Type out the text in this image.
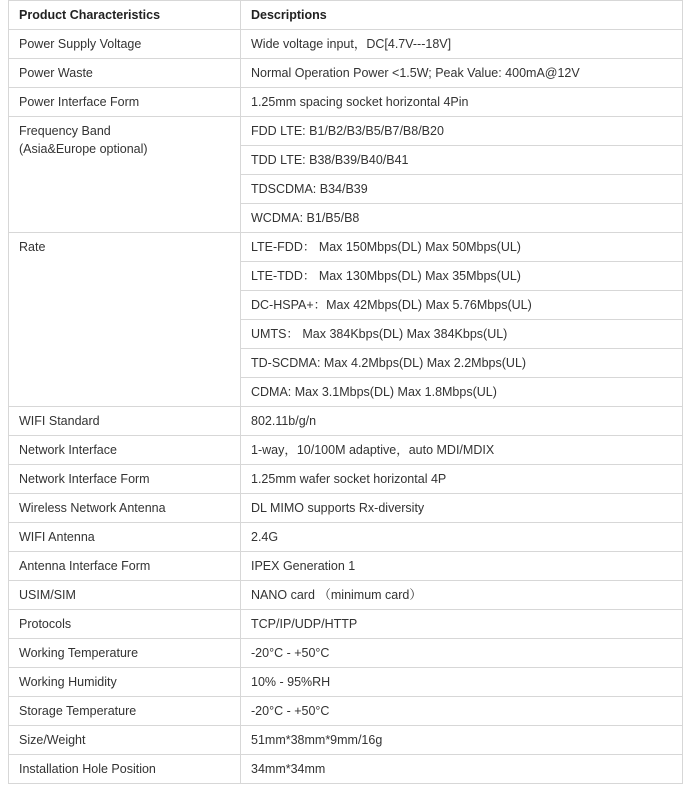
Product Characteristics	Descriptions
Power Supply Voltage	Wide voltage input，DC[4.7V---18V]
Power Waste	Normal Operation Power <1.5W; Peak Value: 400mA@12V
Power Interface Form	1.25mm spacing socket horizontal 4Pin

Frequency Band
(Asia&Europe optional)	FDD LTE: B1/B2/B3/B5/B7/B8/B20
	TDD LTE: B38/B39/B40/B41
	TDSCDMA: B34/B39
	WCDMA: B1/B5/B8
Rate	LTE-FDD： Max 150Mbps(DL) Max 50Mbps(UL)
	LTE-TDD： Max 130Mbps(DL) Max 35Mbps(UL)
	DC-HSPA+：Max 42Mbps(DL) Max 5.76Mbps(UL)
	UMTS： Max 384Kbps(DL) Max 384Kbps(UL)
	TD-SCDMA: Max 4.2Mbps(DL) Max 2.2Mbps(UL)
	CDMA: Max 3.1Mbps(DL) Max 1.8Mbps(UL)
WIFI Standard	802.11b/g/n
Network Interface	1-way，10/100M adaptive，auto MDI/MDIX
Network Interface Form	1.25mm wafer socket horizontal 4P
Wireless Network Antenna	DL MIMO supports Rx-diversity
WIFI Antenna	2.4G
Antenna Interface Form	IPEX Generation 1
USIM/SIM	NANO card （minimum card）
Protocols	TCP/IP/UDP/HTTP
Working Temperature	-20°C - +50°C
Working Humidity	10% - 95%RH
Storage Temperature	-20°C - +50°C
Size/Weight	51mm*38mm*9mm/16g
Installation Hole Position	34mm*34mm
